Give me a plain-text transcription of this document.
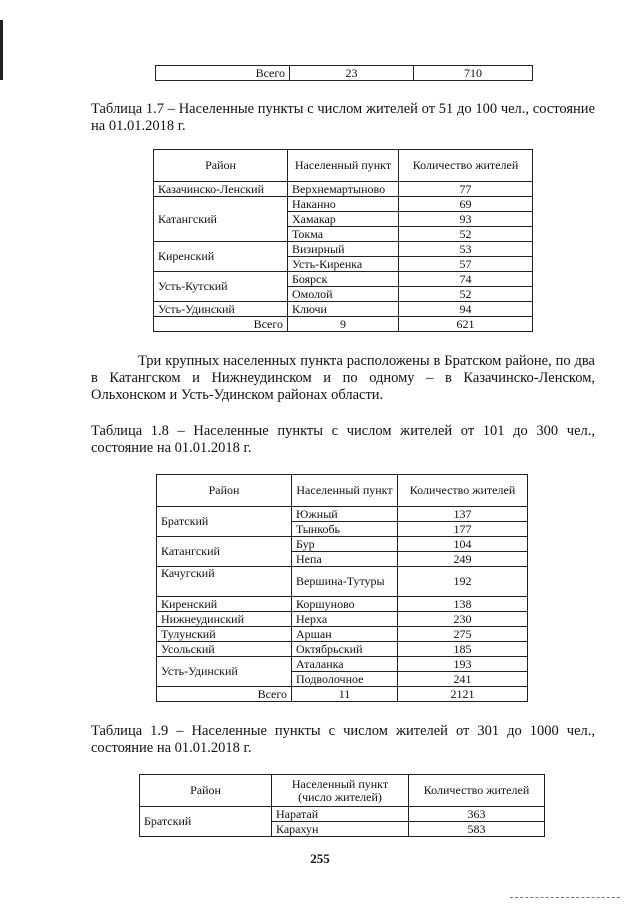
Всего	23	710

Таблица 1.7 – Населенные пункты с числом жителей от 51 до 100 чел., состояние на 01.01.2018 г.

Район	Населенный пункт	Количество жителей
Казачинско-Ленский	Верхнемартыново	77
Катангский	Наканно	69
	Хамакар	93
	Токма	52
Киренский	Визирный	53
	Усть-Киренка	57
Усть-Кутский	Боярск	74
	Омолой	52
Усть-Удинский	Ключи	94
Всего	9	621

Три крупных населенных пункта расположены в Братском районе, по два в Катангском и Нижнеудинском и по одному – в Казачинско-Ленском, Ольхонском и Усть-Удинском районах области.

Таблица 1.8 – Населенные пункты с числом жителей от 101 до 300 чел., состояние на 01.01.2018 г.

Район	Населенный пункт	Количество жителей
Братский	Южный	137
	Тынкобь	177
Катангский	Бур	104
	Непа	249
Качугский	Вершина-Тутуры	192
Киренский	Коршуново	138
Нижнеудинский	Нерха	230
Тулунский	Аршан	275
Усольский	Октябрьский	185
Усть-Удинский	Аталанка	193
	Подволочное	241
Всего	11	2121

Таблица 1.9 – Населенные пункты с числом жителей от 301 до 1000 чел., состояние на 01.01.2018 г.

Район	Населенный пункт (число жителей)	Количество жителей
Братский	Наратай	363
	Карахун	583
255
